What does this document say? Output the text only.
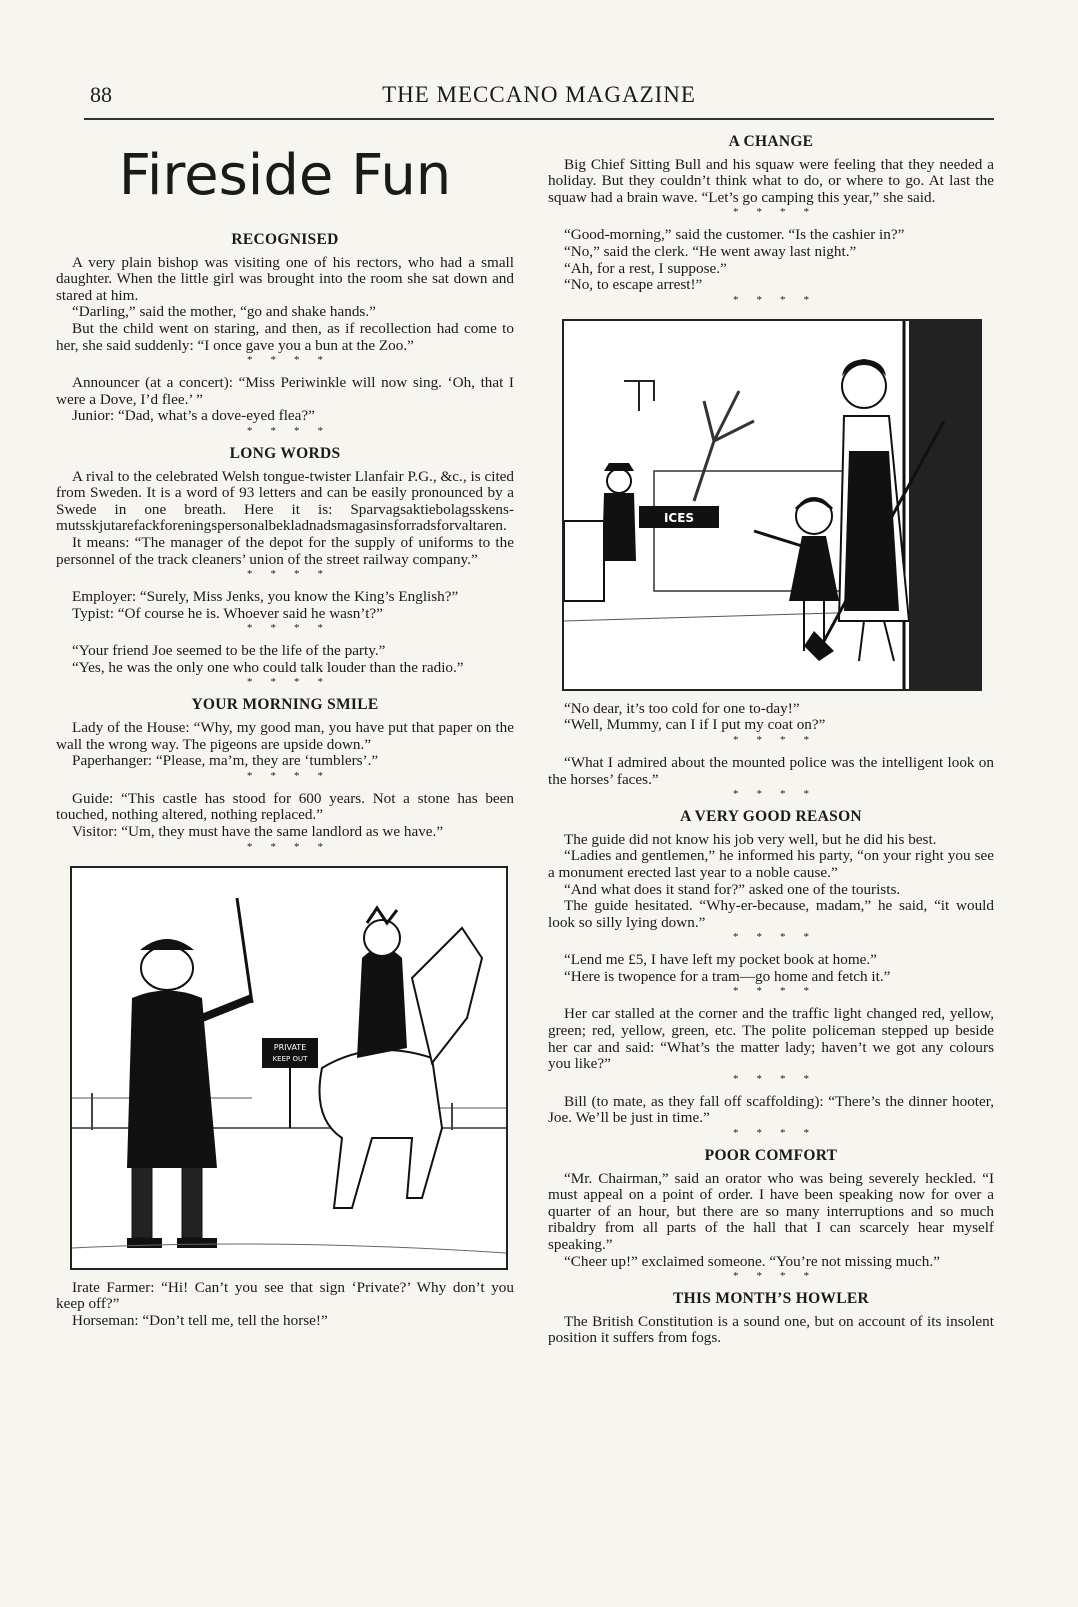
88	THE MECCANO MAGAZINE
Fireside Fun
RECOGNISED

A very plain bishop was visiting one of his rectors, who had a small daughter. When the little girl was brought into the room she sat down and stared at him.

“Darling,” said the mother, “go and shake hands.”

But the child went on staring, and then, as if recollection had come to her, she said suddenly: “I once gave you a bun at the Zoo.”

****

Announcer (at a concert): “Miss Periwinkle will now sing. ‘Oh, that I were a Dove, I’d flee.’ ”

Junior: “Dad, what’s a dove-eyed flea?”

****
LONG WORDS

A rival to the celebrated Welsh tongue-twister Llanfair P.G., &c., is cited from Sweden. It is a word of 93 letters and can be easily pronounced by a Swede in one breath. Here it is: Sparvagsaktiebolagsskensmutsskjutarefackforeningspersonalbekladnadsmagasinsforradsforvaltaren.

It means: “The manager of the depot for the supply of uniforms to the personnel of the track cleaners’ union of the street railway company.”

****

Employer: “Surely, Miss Jenks, you know the King’s English?”

Typist: “Of course he is. Whoever said he wasn’t?”

****

“Your friend Joe seemed to be the life of the party.”

“Yes, he was the only one who could talk louder than the radio.”

****
YOUR MORNING SMILE

Lady of the House: “Why, my good man, you have put that paper on the wall the wrong way. The pigeons are upside down.”

Paperhanger: “Please, ma’m, they are ‘tumblers’.”

****

Guide: “This castle has stood for 600 years. Not a stone has been touched, nothing altered, nothing replaced.”

Visitor: “Um, they must have the same landlord as we have.”

****
PRIVATE
KEEP OUT

Irate Farmer: “Hi! Can’t you see that sign ‘Private?’ Why don’t you keep off?”

Horseman: “Don’t tell me, tell the horse!”

A CHANGE

Big Chief Sitting Bull and his squaw were feeling that they needed a holiday. But they couldn’t think what to do, or where to go. At last the squaw had a brain wave. “Let’s go camping this year,” she said.

****

“Good-morning,” said the customer. “Is the cashier in?”

“No,” said the clerk. “He went away last night.”

“Ah, for a rest, I suppose.”

“No, to escape arrest!”

****
ICES

“No dear, it’s too cold for one to-day!”

“Well, Mummy, can I if I put my coat on?”

****

“What I admired about the mounted police was the intelligent look on the horses’ faces.”

****
A VERY GOOD REASON

The guide did not know his job very well, but he did his best.

“Ladies and gentlemen,” he informed his party, “on your right you see a monument erected last year to a noble cause.”

“And what does it stand for?” asked one of the tourists.

The guide hesitated. “Why-er-because, madam,” he said, “it would look so silly lying down.”

****

“Lend me £5, I have left my pocket book at home.”

“Here is twopence for a tram—go home and fetch it.”

****

Her car stalled at the corner and the traffic light changed red, yellow, green; red, yellow, green, etc. The polite policeman stepped up beside her car and said: “What’s the matter lady; haven’t we got any colours you like?”

****

Bill (to mate, as they fall off scaffolding): “There’s the dinner hooter, Joe. We’ll be just in time.”

****
POOR COMFORT

“Mr. Chairman,” said an orator who was being severely heckled. “I must appeal on a point of order. I have been speaking now for over a quarter of an hour, but there are so many interruptions and so much ribaldry from all parts of the hall that I can scarcely hear myself speaking.”

“Cheer up!” exclaimed someone. “You’re not missing much.”

****
THIS MONTH’S HOWLER

The British Constitution is a sound one, but on account of its insolent position it suffers from fogs.
